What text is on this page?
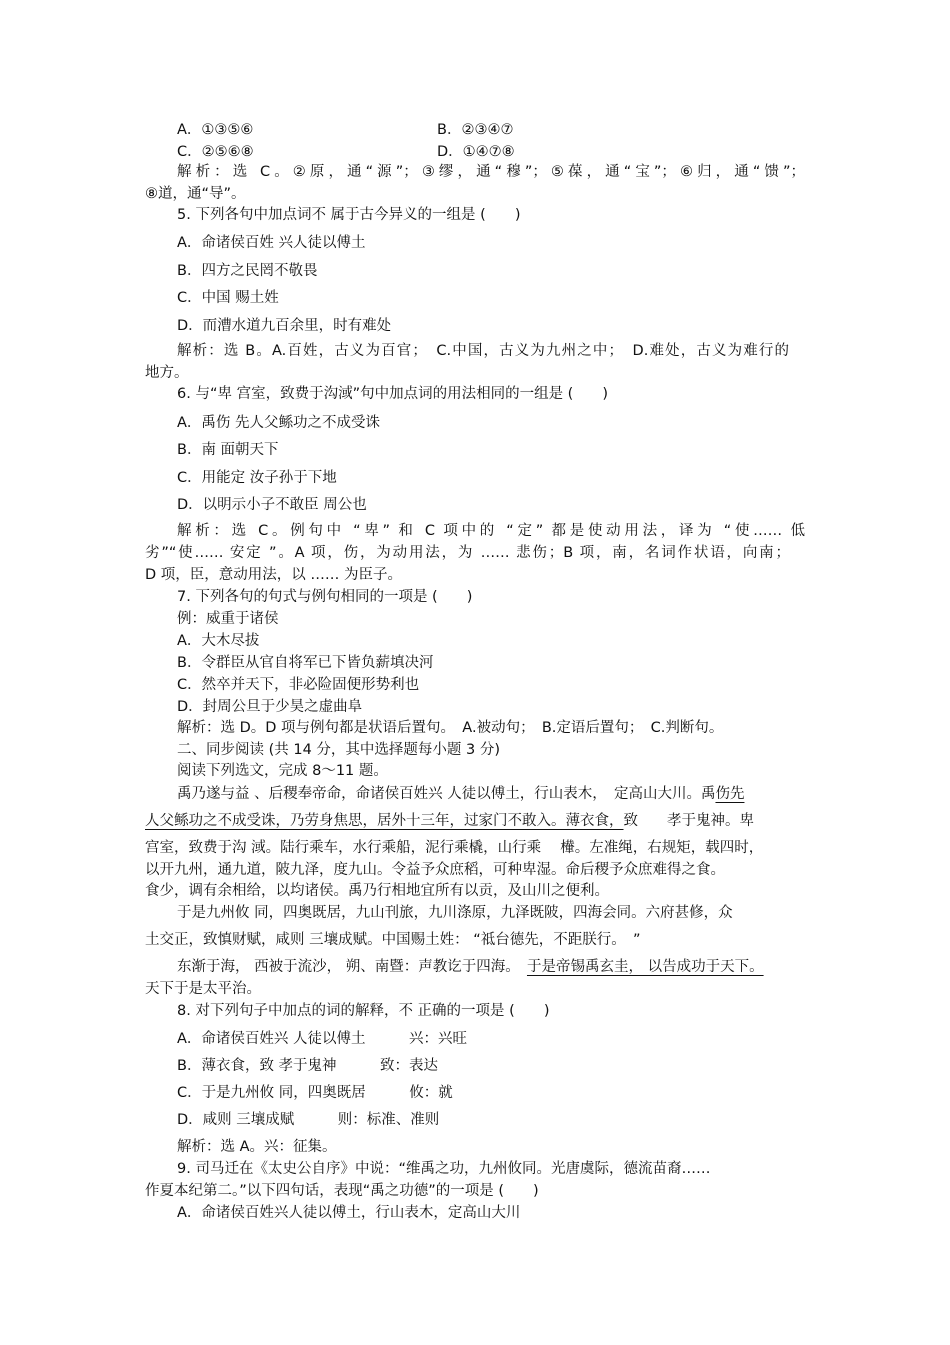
A．①③⑤⑥	B．②③④⑦
C．②⑤⑥⑧	D．①④⑦⑧
解析：选 C。②原，通“源”；③缪，通“穆”；⑤葆，通“宝”；⑥归，通“馈”；
⑧道，通“导”。
5. 下列各句中加点词不 属于古今异义的一组是 (　　)
A．命诸侯百姓 兴人徒以傅土
B．四方之民罔不敬畏
C．中国 赐土姓
D．而漕水道九百余里，时有难处
解析：选 B。A.百姓，古义为百官；　C.中国，古义为九州之中；　D.难处，古义为难行的
地方。
6. 与“卑 宫室，致费于沟淢”句中加点词的用法相同的一组是 (　　)
A．禹伤 先人父鲧功之不成受诛
B．南 面朝天下
C．用能定 汝子孙于下地
D．以明示小子不敢臣 周公也
解析：选 C。例句中 “卑” 和 C 项中的 “定” 都是使动用法，译为 “使…… 低
劣”“使…… 安定 ”。A 项，伤，为动用法，为 …… 悲伤；B 项，南，名词作状语，向南；
D 项，臣，意动用法，以 …… 为臣子。
7. 下列各句的句式与例句相同的一项是 (　　)
例：威重于诸侯
A．大木尽拔
B．令群臣从官自将军已下皆负薪填决河
C．然卒并天下，非必险固便形势利也
D．封周公旦于少昊之虚曲阜
解析：选 D。D 项与例句都是状语后置句。　A.被动句；　B.定语后置句；　C.判断句。
二、同步阅读 (共 14 分，其中选择题每小题 3 分)
阅读下列选文，完成 8～11 题。
禹乃遂与益 、后稷奉帝命，命诸侯百姓兴 人徒以傅土，行山表木，　定高山大川。禹伤先
人父鲧功之不成受诛，乃劳身焦思，居外十三年，过家门不敢入。薄衣食，致　　孝于鬼神。卑
宫室，致费于沟 淢。陆行乘车，水行乘船，泥行乘橇，山行乘　 檋。左准绳，右规矩，载四时，
以开九州，通九道，陂九泽，度九山。令益予众庶稻，可种卑湿。命后稷予众庶难得之食。
食少，调有余相给，以均诸侯。禹乃行相地宜所有以贡，及山川之便利。
于是九州攸 同，四奥既居，九山刊旅，九川涤原，九泽既陂，四海会同。六府甚修，众
土交正，致慎财赋，咸则 三壤成赋。中国赐土姓： “祗台德先，不距朕行。　”
东渐于海， 西被于流沙， 朔、南暨：声教讫于四海。　 于是帝锡禹玄圭， 以告成功于天下。
天下于是太平治。
8. 对下列句子中加点的词的解释，不 正确的一项是 (　　)
A．命诸侯百姓兴 人徒以傅土　　　兴：兴旺
B．薄衣食，致 孝于鬼神　　　致：表达
C．于是九州攸 同，四奥既居　　　攸：就
D．咸则 三壤成赋　　　则：标准、准则
解析：选 A。兴：征集。
9. 司马迁在《太史公自序》中说：“维禹之功，九州攸同。光唐虞际，德流苗裔……
作夏本纪第二。”以下四句话，表现“禹之功德”的一项是 (　　)
A．命诸侯百姓兴人徒以傅土，行山表木，定高山大川
